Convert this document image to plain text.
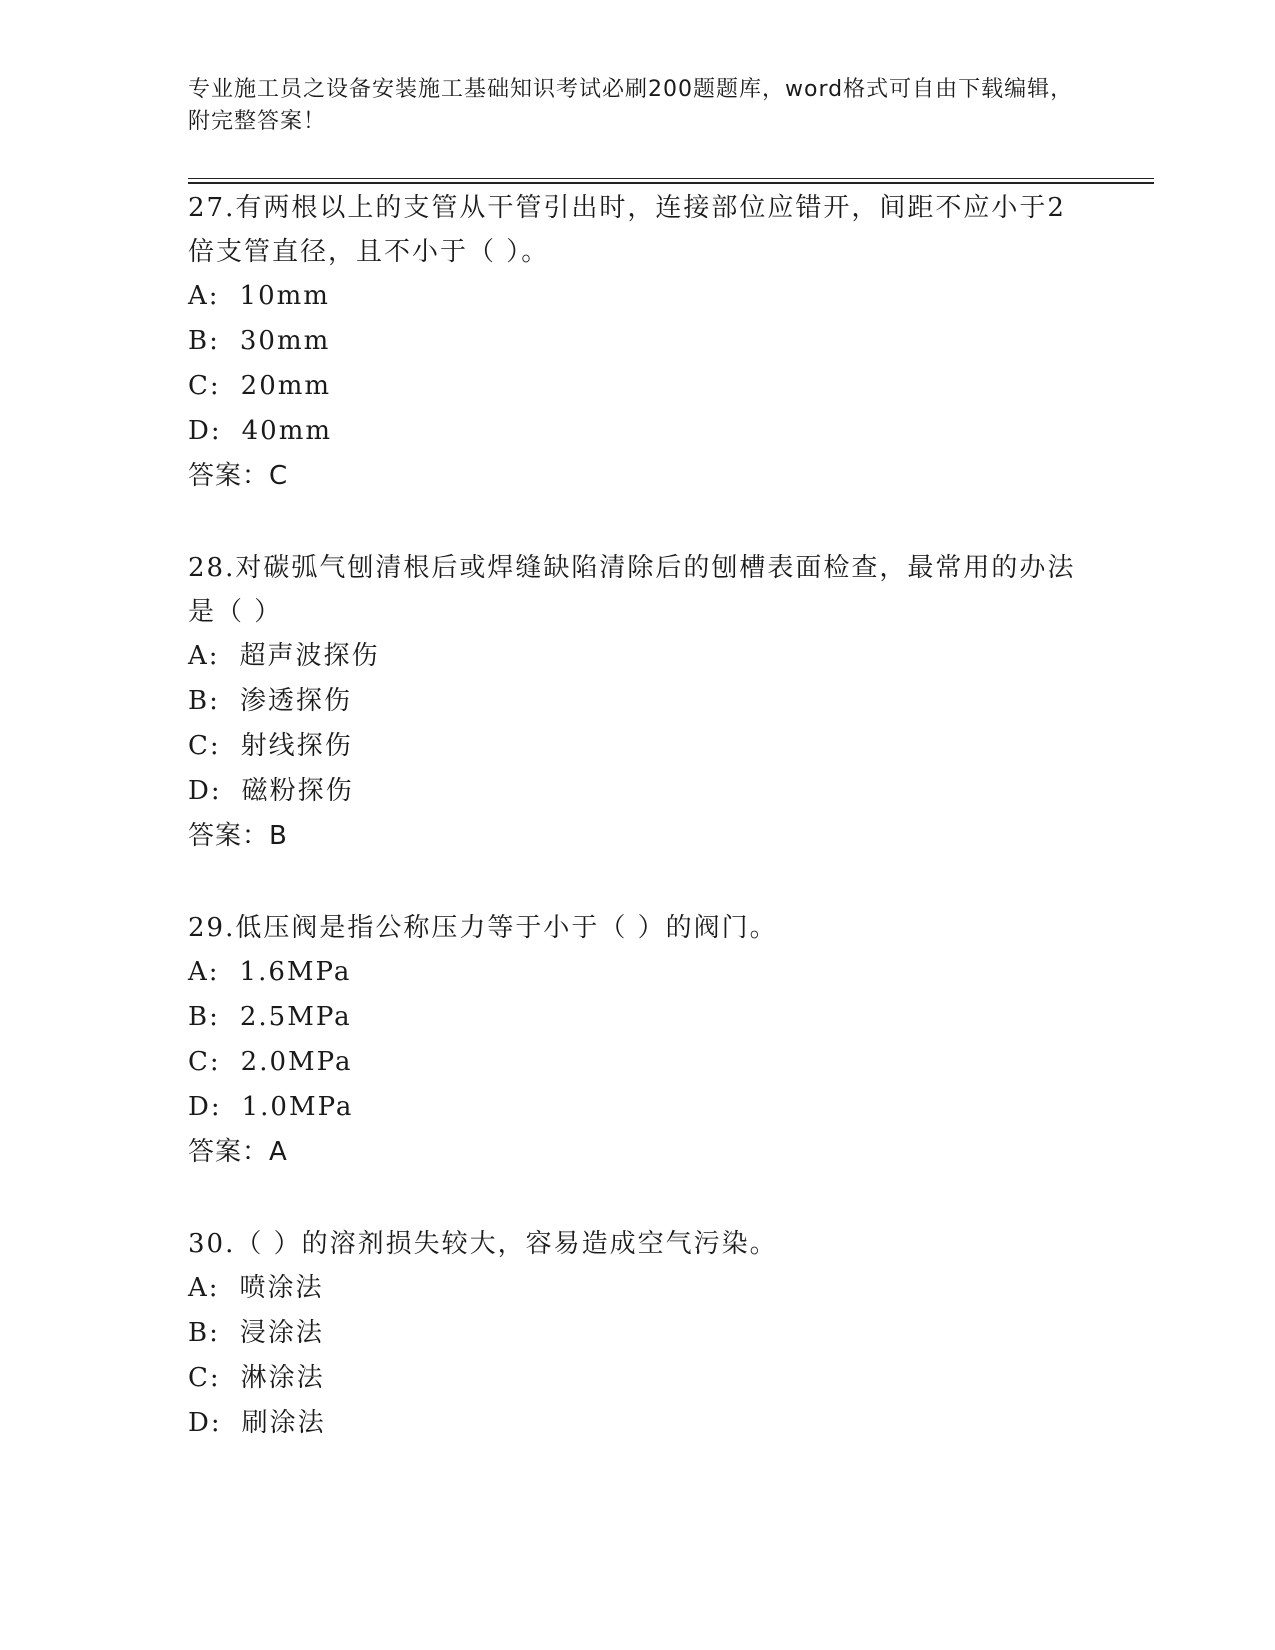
专业施工员之设备安装施工基础知识考试必刷200题题库，word格式可自由下载编辑，附完整答案！

27.有两根以上的支管从干管引出时，连接部位应错开，间距不应小于2倍支管直径，且不小于（ ）。

A: 10mm

B: 30mm

C: 20mm

D: 40mm

答案：C

28.对碳弧气刨清根后或焊缝缺陷清除后的刨槽表面检查，最常用的办法是（ ）

A: 超声波探伤

B: 渗透探伤

C: 射线探伤

D: 磁粉探伤

答案：B

29.低压阀是指公称压力等于小于（ ）的阀门。

A: 1.6MPa

B: 2.5MPa

C: 2.0MPa

D: 1.0MPa

答案：A

30.（ ）的溶剂损失较大，容易造成空气污染。

A: 喷涂法

B: 浸涂法

C: 淋涂法

D: 刷涂法
